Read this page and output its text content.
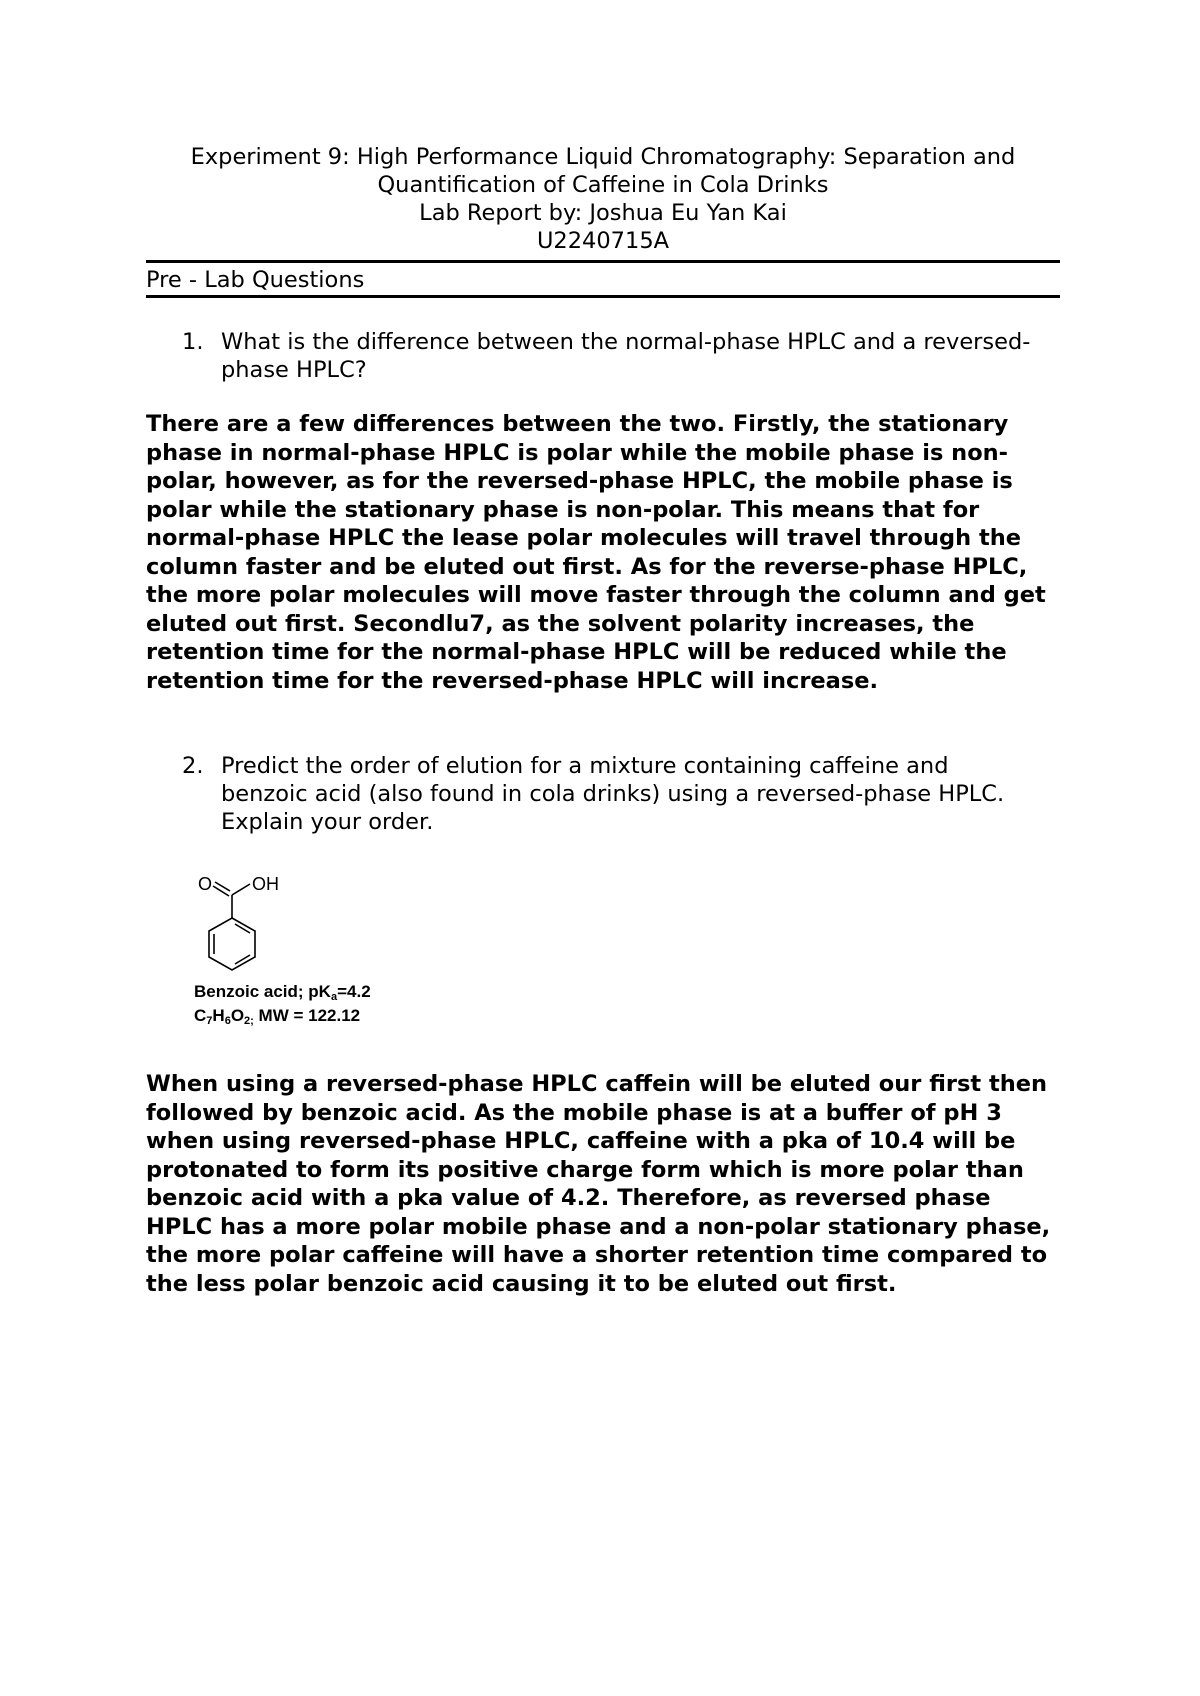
Experiment 9: High Performance Liquid Chromatography: Separation and
Quantification of Caffeine in Cola Drinks
Lab Report by: Joshua Eu Yan Kai
U2240715A
Pre - Lab Questions
1. What is the difference between the normal-phase HPLC and a reversed-phase HPLC?
There are a few differences between the two. Firstly, the stationary phase in normal-phase HPLC is polar while the mobile phase is non-polar, however, as for the reversed-phase HPLC, the mobile phase is polar while the stationary phase is non-polar. This means that for normal-phase HPLC the lease polar molecules will travel through the column faster and be eluted out first. As for the reverse-phase HPLC, the more polar molecules will move faster through the column and get eluted out first. Secondlu7, as the solvent polarity increases, the retention time for the normal-phase HPLC will be reduced while the retention time for the reversed-phase HPLC will increase.
2. Predict the order of elution for a mixture containing caffeine and benzoic acid (also found in cola drinks) using a reversed-phase HPLC. Explain your order.
O OH
Benzoic acid; $pK_a=4.2$
$C_7H_6O_{2;}$ MW = 122.12
When using a reversed-phase HPLC caffein will be eluted our first then followed by benzoic acid. As the mobile phase is at a buffer of pH 3 when using reversed-phase HPLC, caffeine with a pka of 10.4 will be protonated to form its positive charge form which is more polar than benzoic acid with a pka value of 4.2. Therefore, as reversed phase HPLC has a more polar mobile phase and a non-polar stationary phase, the more polar caffeine will have a shorter retention time compared to the less polar benzoic acid causing it to be eluted out first.
